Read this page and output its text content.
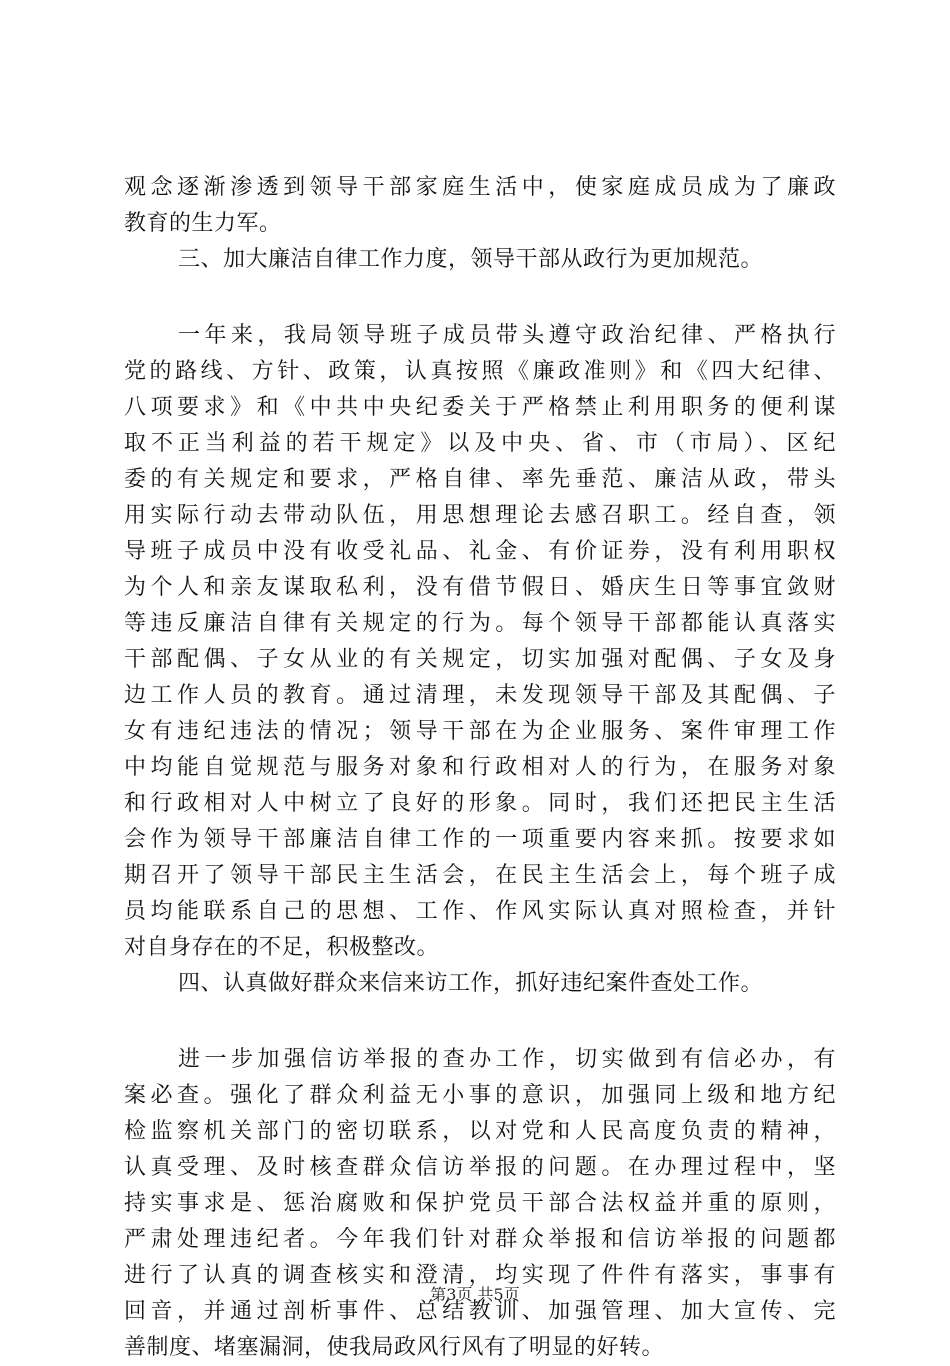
观念逐渐渗透到领导干部家庭生活中，使家庭成员成为了廉政
教育的生力军。
三、加大廉洁自律工作力度，领导干部从政行为更加规范。
一年来，我局领导班子成员带头遵守政治纪律、严格执行
党的路线、方针、政策，认真按照《廉政准则》和《四大纪律、
八项要求》和《中共中央纪委关于严格禁止利用职务的便利谋
取不正当利益的若干规定》以及中央、省、市（市局）、区纪
委的有关规定和要求，严格自律、率先垂范、廉洁从政，带头
用实际行动去带动队伍，用思想理论去感召职工。经自查，领
导班子成员中没有收受礼品、礼金、有价证券，没有利用职权
为个人和亲友谋取私利，没有借节假日、婚庆生日等事宜敛财
等违反廉洁自律有关规定的行为。每个领导干部都能认真落实
干部配偶、子女从业的有关规定，切实加强对配偶、子女及身
边工作人员的教育。通过清理，未发现领导干部及其配偶、子
女有违纪违法的情况；领导干部在为企业服务、案件审理工作
中均能自觉规范与服务对象和行政相对人的行为，在服务对象
和行政相对人中树立了良好的形象。同时，我们还把民主生活
会作为领导干部廉洁自律工作的一项重要内容来抓。按要求如
期召开了领导干部民主生活会，在民主生活会上，每个班子成
员均能联系自己的思想、工作、作风实际认真对照检查，并针
对自身存在的不足，积极整改。
四、认真做好群众来信来访工作，抓好违纪案件查处工作。
进一步加强信访举报的查办工作，切实做到有信必办，有
案必查。强化了群众利益无小事的意识，加强同上级和地方纪
检监察机关部门的密切联系，以对党和人民高度负责的精神，
认真受理、及时核查群众信访举报的问题。在办理过程中，坚
持实事求是、惩治腐败和保护党员干部合法权益并重的原则，
严肃处理违纪者。今年我们针对群众举报和信访举报的问题都
进行了认真的调查核实和澄清，均实现了件件有落实，事事有
回音，并通过剖析事件、总结教训、加强管理、加大宣传、完
善制度、堵塞漏洞，使我局政风行风有了明显的好转。
第3页 共5页
